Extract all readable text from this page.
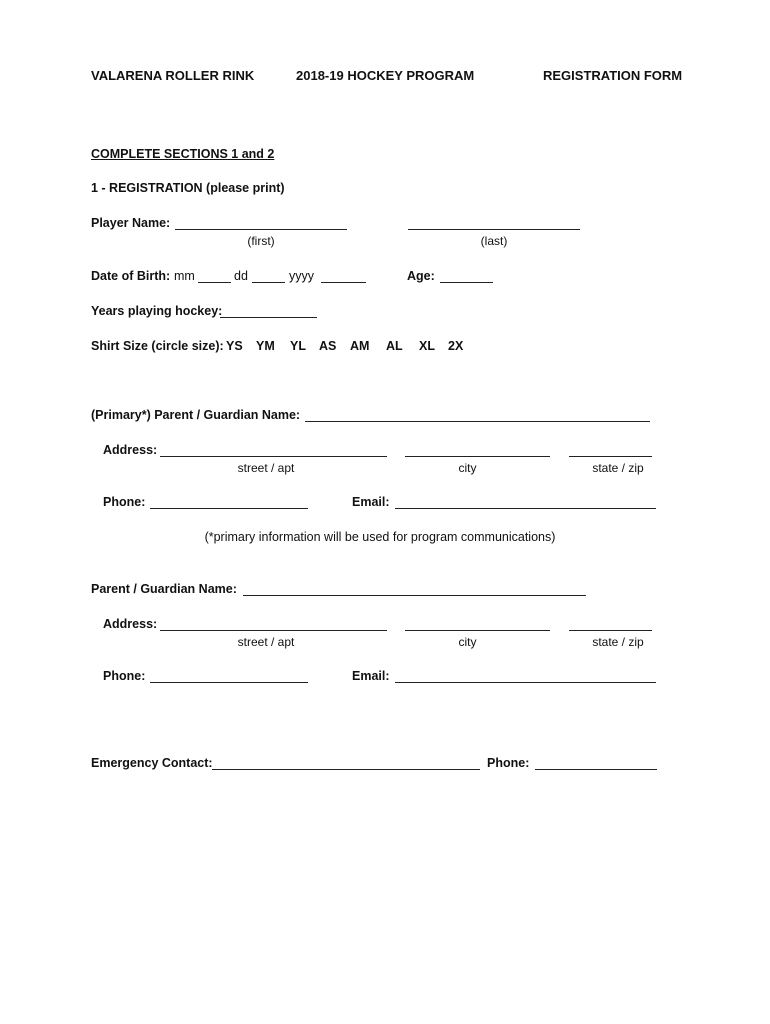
VALARENA ROLLER RINK	2018-19 HOCKEY PROGRAM	REGISTRATION FORM
COMPLETE SECTIONS 1 and 2
1 - REGISTRATION (please print)
Player Name:
(first)	(last)
Date of Birth: mm	dd	yyyy	Age:
Years playing hockey:
Shirt Size (circle size): YS YM YL AS AM AL XL 2X
(Primary*) Parent / Guardian Name:
Address:
street / apt	city	state / zip
Phone:	Email:
(*primary information will be used for program communications)
Parent / Guardian Name:
Address:
street / apt	city	state / zip
Phone:	Email:
Emergency Contact:	Phone:
